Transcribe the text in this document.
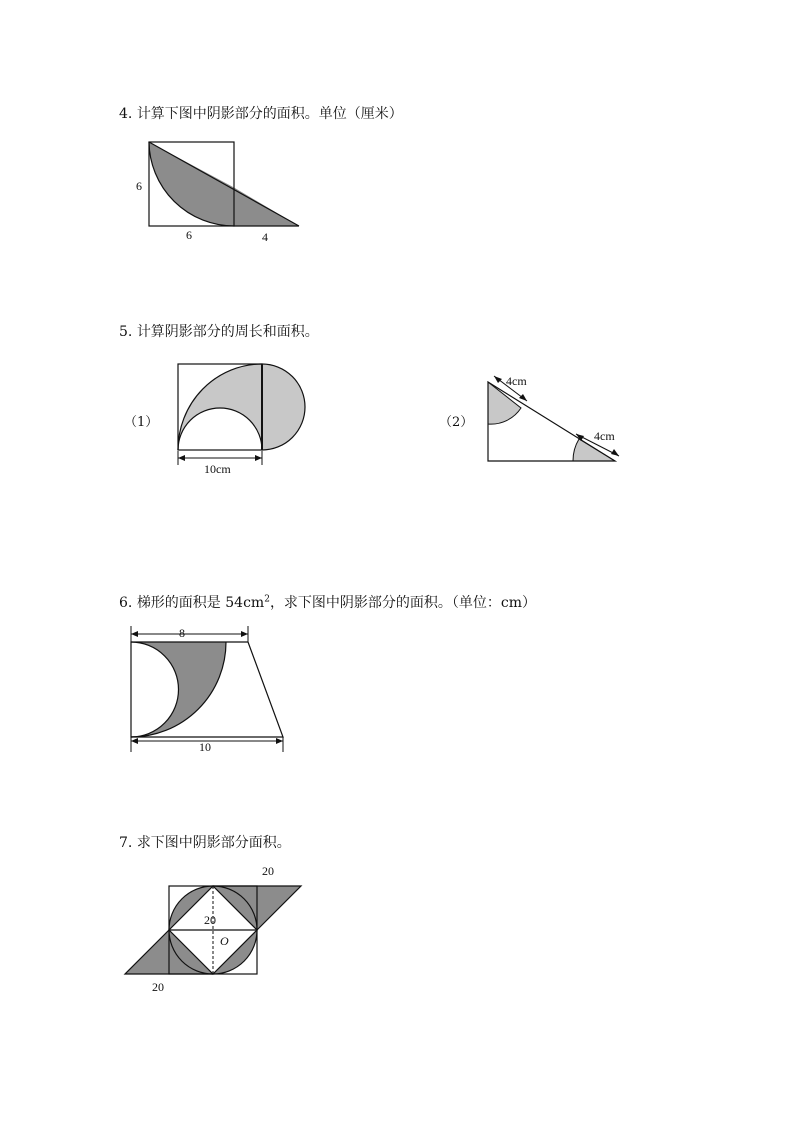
4. 计算下图中阴影部分的面积。单位（厘米）
6
6	4
5. 计算阴影部分的周长和面积。
（1）	（2）
10cm
4cm
4cm
6. 梯形的面积是 $54cm^2$，求下图中阴影部分的面积。（单位：cm）
8
10
7. 求下图中阴影部分面积。
20
20
O
20
